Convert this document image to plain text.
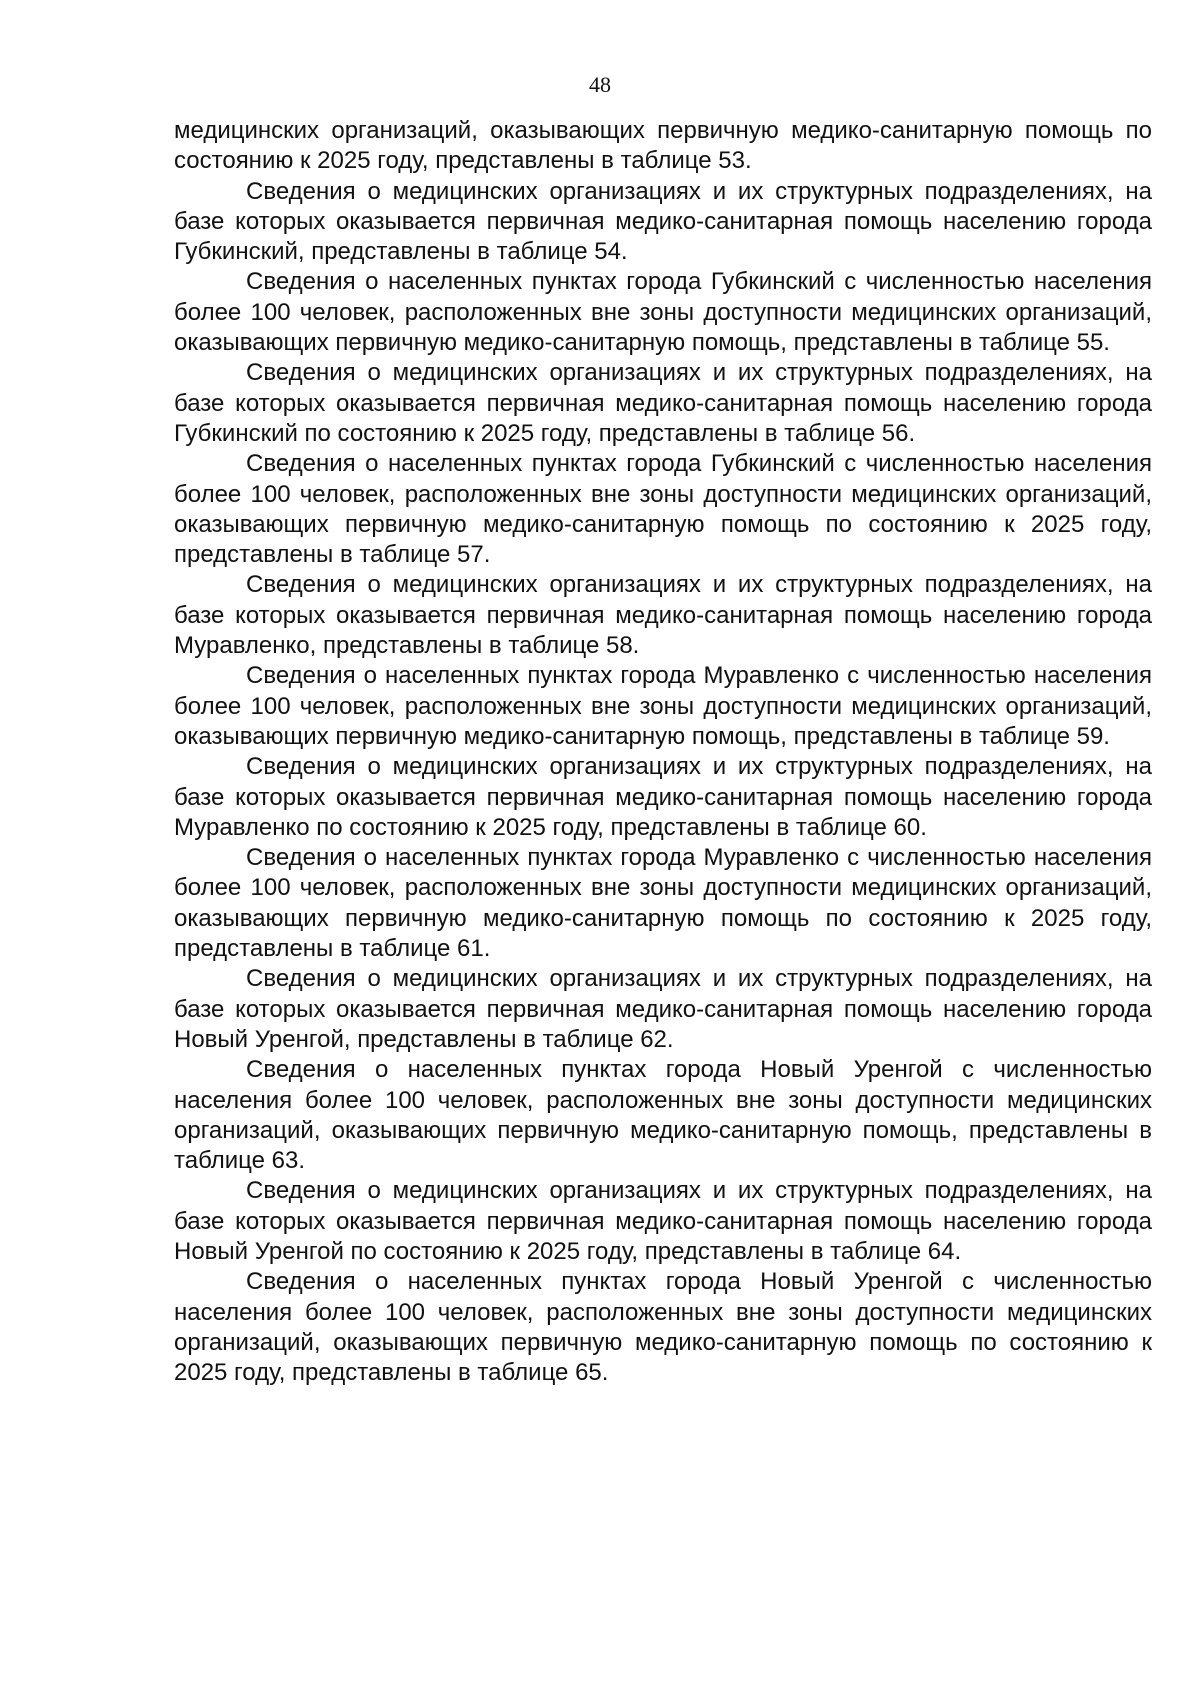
48

медицинских организаций, оказывающих первичную медико-санитарную помощь по состоянию к 2025 году, представлены в таблице 53.

Сведения о медицинских организациях и их структурных подразделениях, на базе которых оказывается первичная медико-санитарная помощь населению города Губкинский, представлены в таблице 54.

Сведения о населенных пунктах города Губкинский с численностью населения более 100 человек, расположенных вне зоны доступности медицинских организаций, оказывающих первичную медико-санитарную помощь, представлены в таблице 55.

Сведения о медицинских организациях и их структурных подразделениях, на базе которых оказывается первичная медико-санитарная помощь населению города Губкинский по состоянию к 2025 году, представлены в таблице 56.

Сведения о населенных пунктах города Губкинский с численностью населения более 100 человек, расположенных вне зоны доступности медицинских организаций, оказывающих первичную медико-санитарную помощь по состоянию к 2025 году, представлены в таблице 57.

Сведения о медицинских организациях и их структурных подразделениях, на базе которых оказывается первичная медико-санитарная помощь населению города Муравленко, представлены в таблице 58.

Сведения о населенных пунктах города Муравленко с численностью населения более 100 человек, расположенных вне зоны доступности медицинских организаций, оказывающих первичную медико-санитарную помощь, представлены в таблице 59.

Сведения о медицинских организациях и их структурных подразделениях, на базе которых оказывается первичная медико-санитарная помощь населению города Муравленко по состоянию к 2025 году, представлены в таблице 60.

Сведения о населенных пунктах города Муравленко с численностью населения более 100 человек, расположенных вне зоны доступности медицинских организаций, оказывающих первичную медико-санитарную помощь по состоянию к 2025 году, представлены в таблице 61.

Сведения о медицинских организациях и их структурных подразделениях, на базе которых оказывается первичная медико-санитарная помощь населению города Новый Уренгой, представлены в таблице 62.

Сведения о населенных пунктах города Новый Уренгой с численностью населения более 100 человек, расположенных вне зоны доступности медицинских организаций, оказывающих первичную медико-санитарную помощь, представлены в таблице 63.

Сведения о медицинских организациях и их структурных подразделениях, на базе которых оказывается первичная медико-санитарная помощь населению города Новый Уренгой по состоянию к 2025 году, представлены в таблице 64.

Сведения о населенных пунктах города Новый Уренгой с численностью населения более 100 человек, расположенных вне зоны доступности медицинских организаций, оказывающих первичную медико-санитарную помощь по состоянию к 2025 году, представлены в таблице 65.
